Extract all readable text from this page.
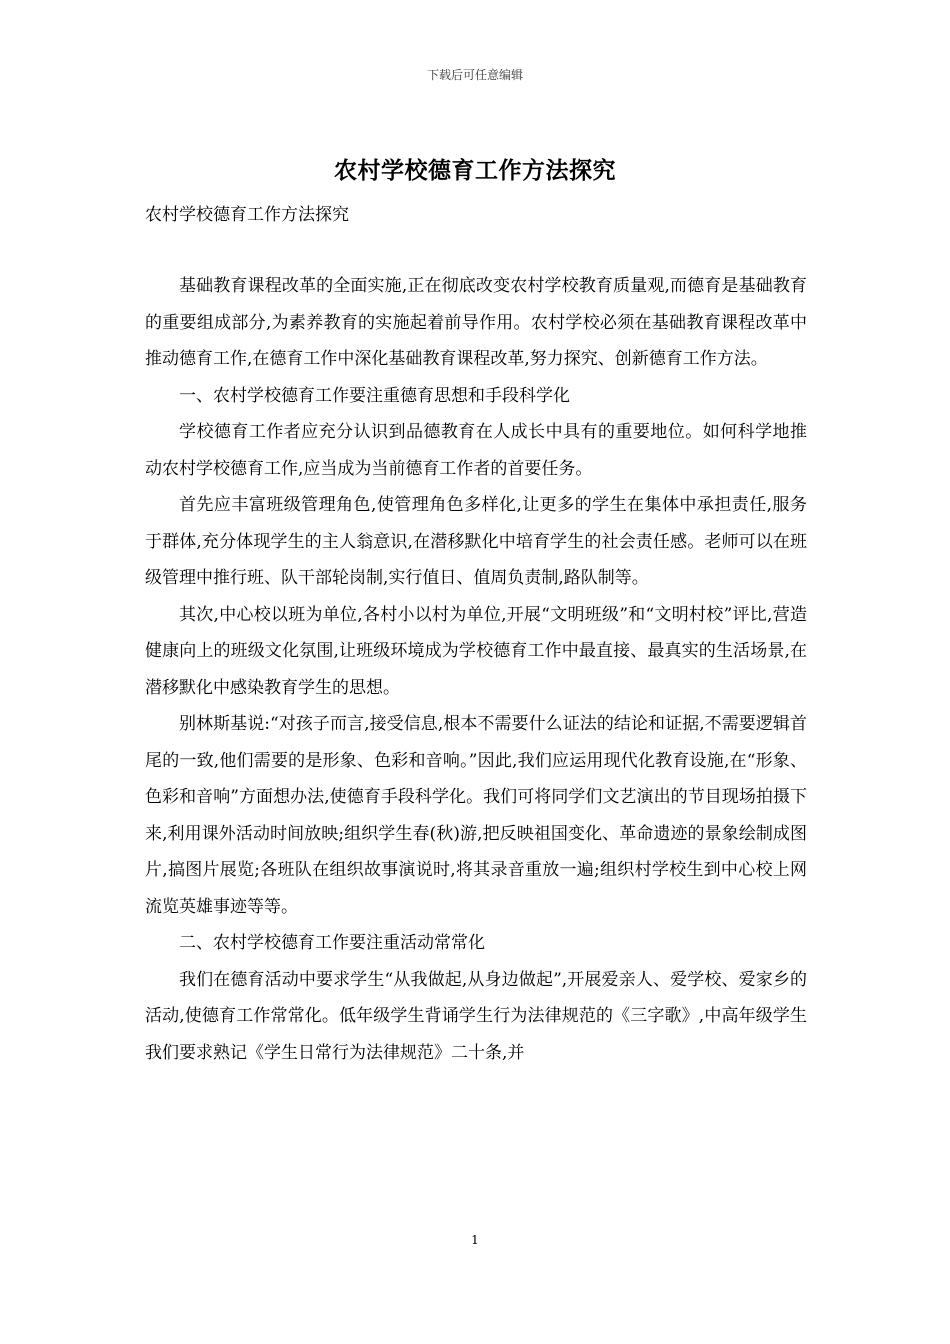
下载后可任意编辑
农村学校德育工作方法探究
农村学校德育工作方法探究

基础教育课程改革的全面实施,正在彻底改变农村学校教育质量观,而德育是基础教育的重要组成部分,为素养教育的实施起着前导作用。农村学校必须在基础教育课程改革中推动德育工作,在德育工作中深化基础教育课程改革,努力探究、创新德育工作方法。

一、农村学校德育工作要注重德育思想和手段科学化

学校德育工作者应充分认识到品德教育在人成长中具有的重要地位。如何科学地推动农村学校德育工作,应当成为当前德育工作者的首要任务。

首先应丰富班级管理角色,使管理角色多样化,让更多的学生在集体中承担责任,服务于群体,充分体现学生的主人翁意识,在潜移默化中培育学生的社会责任感。老师可以在班级管理中推行班、队干部轮岗制,实行值日、值周负责制,路队制等。

其次,中心校以班为单位,各村小以村为单位,开展“文明班级”和“文明村校”评比,营造健康向上的班级文化氛围,让班级环境成为学校德育工作中最直接、最真实的生活场景,在潜移默化中感染教育学生的思想。

别林斯基说:“对孩子而言,接受信息,根本不需要什么证法的结论和证据,不需要逻辑首尾的一致,他们需要的是形象、色彩和音响。”因此,我们应运用现代化教育设施,在“形象、色彩和音响”方面想办法,使德育手段科学化。我们可将同学们文艺演出的节目现场拍摄下来,利用课外活动时间放映;组织学生春(秋)游,把反映祖国变化、革命遗迹的景象绘制成图片,搞图片展览;各班队在组织故事演说时,将其录音重放一遍;组织村学校生到中心校上网流览英雄事迹等等。

二、农村学校德育工作要注重活动常常化

我们在德育活动中要求学生“从我做起,从身边做起”,开展爱亲人、爱学校、爱家乡的活动,使德育工作常常化。低年级学生背诵学生行为法律规范的《三字歌》,中高年级学生我们要求熟记《学生日常行为法律规范》二十条,并

1
